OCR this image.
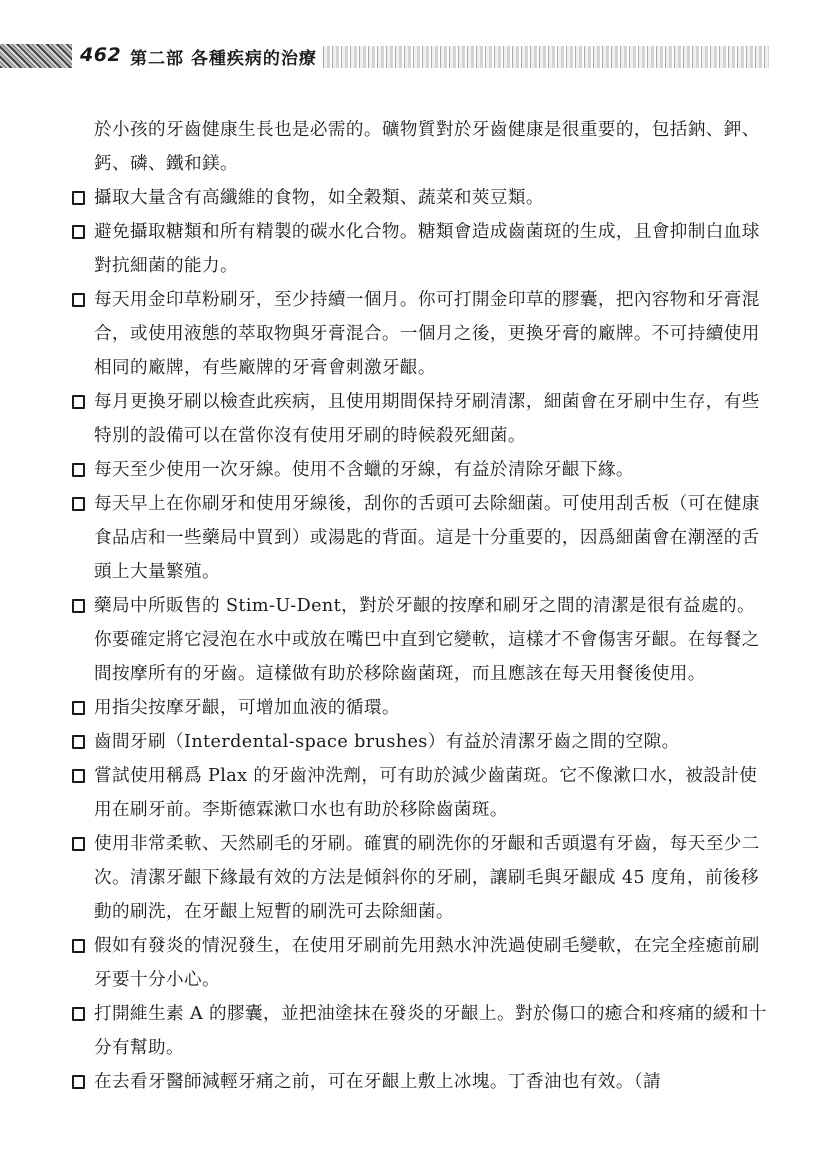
462 第二部 各種疾病的治療

於小孩的牙齒健康生長也是必需的。礦物質對於牙齒健康是很重要的，包括鈉、鉀、鈣、磷、鐵和鎂。

攝取大量含有高纖維的食物，如全穀類、蔬菜和莢豆類。
避免攝取糖類和所有精製的碳水化合物。糖類會造成齒菌斑的生成，且會抑制白血球對抗細菌的能力。
每天用金印草粉刷牙，至少持續一個月。你可打開金印草的膠囊，把內容物和牙膏混合，或使用液態的萃取物與牙膏混合。一個月之後，更換牙膏的廠牌。不可持續使用相同的廠牌，有些廠牌的牙膏會刺激牙齦。
每月更換牙刷以檢查此疾病，且使用期間保持牙刷清潔，細菌會在牙刷中生存，有些特別的設備可以在當你沒有使用牙刷的時候殺死細菌。
每天至少使用一次牙線。使用不含蠟的牙線，有益於清除牙齦下緣。
每天早上在你刷牙和使用牙線後，刮你的舌頭可去除細菌。可使用刮舌板（可在健康食品店和一些藥局中買到）或湯匙的背面。這是十分重要的，因爲細菌會在潮溼的舌頭上大量繁殖。
藥局中所販售的 Stim-U-Dent，對於牙齦的按摩和刷牙之間的清潔是很有益處的。你要確定將它浸泡在水中或放在嘴巴中直到它變軟，這樣才不會傷害牙齦。在每餐之間按摩所有的牙齒。這樣做有助於移除齒菌斑，而且應該在每天用餐後使用。
用指尖按摩牙齦，可增加血液的循環。
齒間牙刷（Interdental-space brushes）有益於清潔牙齒之間的空隙。
嘗試使用稱爲 Plax 的牙齒沖洗劑，可有助於減少齒菌斑。它不像漱口水，被設計使用在刷牙前。李斯德霖漱口水也有助於移除齒菌斑。
使用非常柔軟、天然刷毛的牙刷。確實的刷洗你的牙齦和舌頭還有牙齒，每天至少二次。清潔牙齦下緣最有效的方法是傾斜你的牙刷，讓刷毛與牙齦成 45 度角，前後移動的刷洗，在牙齦上短暫的刷洗可去除細菌。
假如有發炎的情況發生，在使用牙刷前先用熱水沖洗過使刷毛變軟，在完全痊癒前刷牙要十分小心。
打開維生素 A 的膠囊，並把油塗抹在發炎的牙齦上。對於傷口的癒合和疼痛的緩和十分有幫助。
在去看牙醫師減輕牙痛之前，可在牙齦上敷上冰塊。丁香油也有效。（請
